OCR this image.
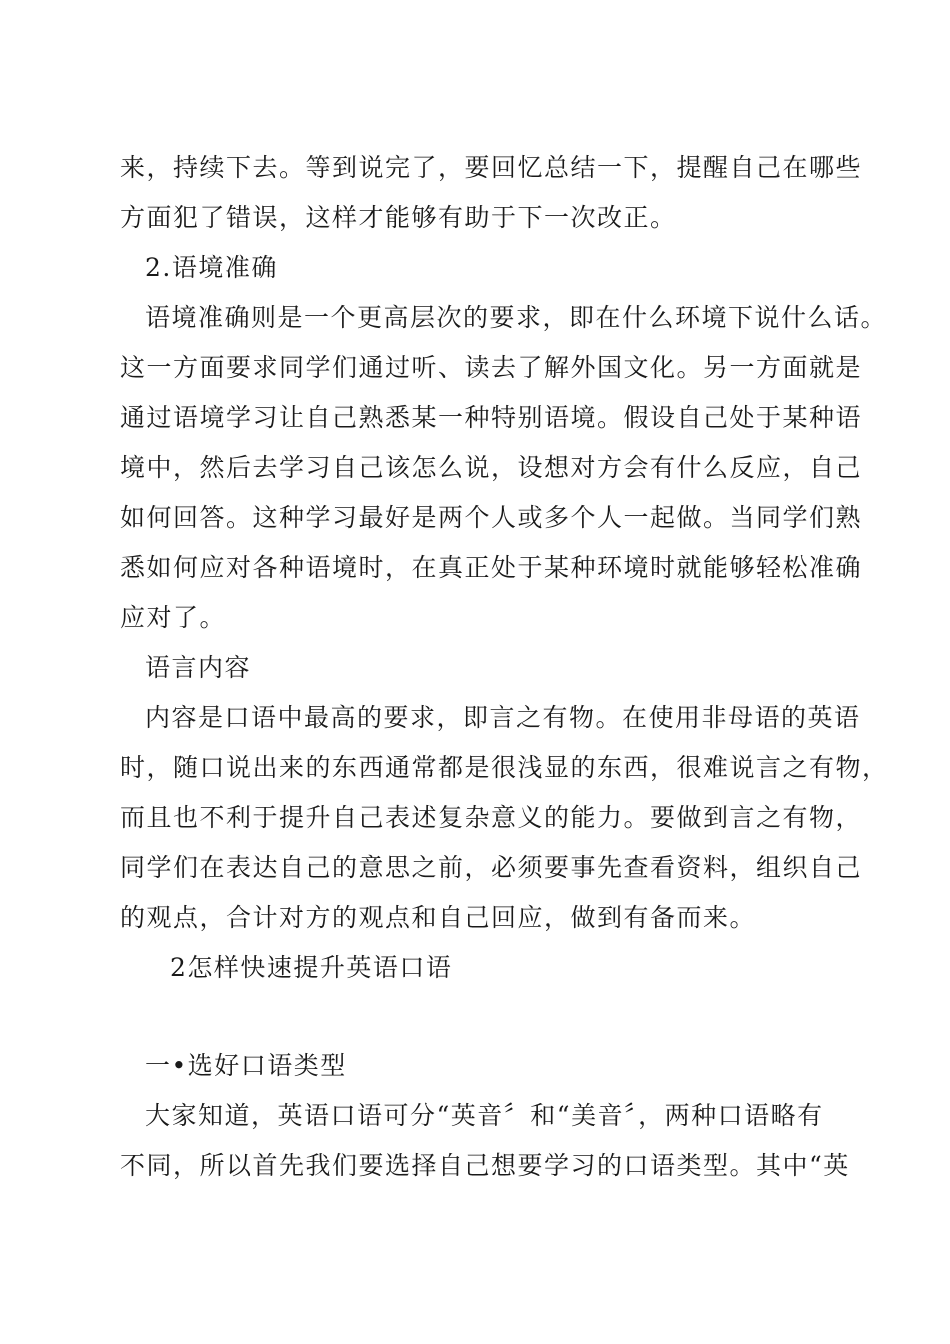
来，持续下去。等到说完了，要回忆总结一下，提醒自己在哪些
方面犯了错误，这样才能够有助于下一次改正。
2.语境准确
语境准确则是一个更高层次的要求，即在什么环境下说什么话。
这一方面要求同学们通过听、读去了解外国文化。另一方面就是
通过语境学习让自己熟悉某一种特别语境。假设自己处于某种语
境中，然后去学习自己该怎么说，设想对方会有什么反应，自己
如何回答。这种学习最好是两个人或多个人一起做。当同学们熟
悉如何应对各种语境时，在真正处于某种环境时就能够轻松准确
应对了。
语言内容
内容是口语中最高的要求，即言之有物。在使用非母语的英语
时，随口说出来的东西通常都是很浅显的东西，很难说言之有物，
而且也不利于提升自己表述复杂意义的能力。要做到言之有物，
同学们在表达自己的意思之前，必须要事先查看资料，组织自己
的观点，合计对方的观点和自己回应，做到有备而来。
2怎样快速提升英语口语
一•选好口语类型
大家知道，英语口语可分“英音〞和“美音〞，两种口语略有
不同，所以首先我们要选择自己想要学习的口语类型。其中“英
